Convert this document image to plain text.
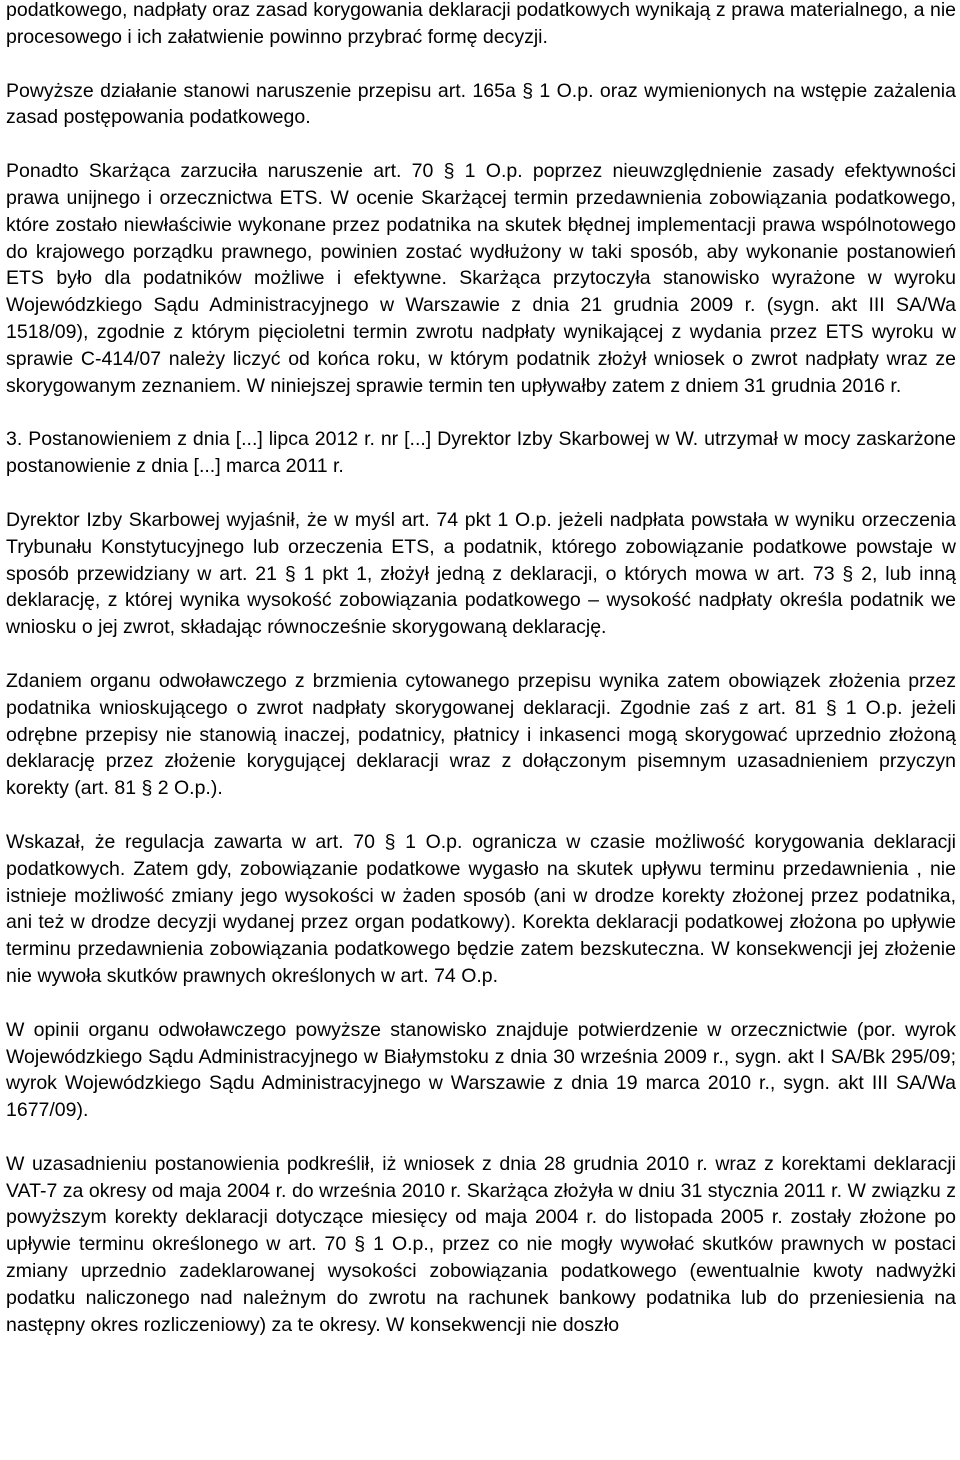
podatkowego, nadpłaty oraz zasad korygowania deklaracji podatkowych wynikają z prawa materialnego, a nie procesowego i ich załatwienie powinno przybrać formę decyzji.

Powyższe działanie stanowi naruszenie przepisu art. 165a § 1 O.p. oraz wymienionych na wstępie zażalenia zasad postępowania podatkowego.

Ponadto Skarżąca zarzuciła naruszenie art. 70 § 1 O.p. poprzez nieuwzględnienie zasady efektywności prawa unijnego i orzecznictwa ETS. W ocenie Skarżącej termin przedawnienia zobowiązania podatkowego, które zostało niewłaściwie wykonane przez podatnika na skutek błędnej implementacji prawa wspólnotowego do krajowego porządku prawnego, powinien zostać wydłużony w taki sposób, aby wykonanie postanowień ETS było dla podatników możliwe i efektywne. Skarżąca przytoczyła stanowisko wyrażone w wyroku Wojewódzkiego Sądu Administracyjnego w Warszawie z dnia 21 grudnia 2009 r. (sygn. akt III SA/Wa 1518/09), zgodnie z którym pięcioletni termin zwrotu nadpłaty wynikającej z wydania przez ETS wyroku w sprawie C-414/07 należy liczyć od końca roku, w którym podatnik złożył wniosek o zwrot nadpłaty wraz ze skorygowanym zeznaniem. W niniejszej sprawie termin ten upływałby zatem z dniem 31 grudnia 2016 r.

3. Postanowieniem z dnia [...] lipca 2012 r. nr [...] Dyrektor Izby Skarbowej w W. utrzymał w mocy zaskarżone postanowienie z dnia [...] marca 2011 r.

Dyrektor Izby Skarbowej wyjaśnił, że w myśl art. 74 pkt 1 O.p. jeżeli nadpłata powstała w wyniku orzeczenia Trybunału Konstytucyjnego lub orzeczenia ETS, a podatnik, którego zobowiązanie podatkowe powstaje w sposób przewidziany w art. 21 § 1 pkt 1, złożył jedną z deklaracji, o których mowa w art. 73 § 2, lub inną deklarację, z której wynika wysokość zobowiązania podatkowego – wysokość nadpłaty określa podatnik we wniosku o jej zwrot, składając równocześnie skorygowaną deklarację.

Zdaniem organu odwoławczego z brzmienia cytowanego przepisu wynika zatem obowiązek złożenia przez podatnika wnioskującego o zwrot nadpłaty skorygowanej deklaracji. Zgodnie zaś z art. 81 § 1 O.p. jeżeli odrębne przepisy nie stanowią inaczej, podatnicy, płatnicy i inkasenci mogą skorygować uprzednio złożoną deklarację przez złożenie korygującej deklaracji wraz z dołączonym pisemnym uzasadnieniem przyczyn korekty (art. 81 § 2 O.p.).

Wskazał, że regulacja zawarta w art. 70 § 1 O.p. ogranicza w czasie możliwość korygowania deklaracji podatkowych. Zatem gdy, zobowiązanie podatkowe wygasło na skutek upływu terminu przedawnienia , nie istnieje możliwość zmiany jego wysokości w żaden sposób (ani w drodze korekty złożonej przez podatnika, ani też w drodze decyzji wydanej przez organ podatkowy). Korekta deklaracji podatkowej złożona po upływie terminu przedawnienia zobowiązania podatkowego będzie zatem bezskuteczna. W konsekwencji jej złożenie nie wywoła skutków prawnych określonych w art. 74 O.p.

W opinii organu odwoławczego powyższe stanowisko znajduje potwierdzenie w orzecznictwie (por. wyrok Wojewódzkiego Sądu Administracyjnego w Białymstoku z dnia 30 września 2009 r., sygn. akt I SA/Bk 295/09; wyrok Wojewódzkiego Sądu Administracyjnego w Warszawie z dnia 19 marca 2010 r., sygn. akt III SA/Wa 1677/09).

W uzasadnieniu postanowienia podkreślił, iż wniosek z dnia 28 grudnia 2010 r. wraz z korektami deklaracji VAT-7 za okresy od maja 2004 r. do września 2010 r. Skarżąca złożyła w dniu 31 stycznia 2011 r. W związku z powyższym korekty deklaracji dotyczące miesięcy od maja 2004 r. do listopada 2005 r. zostały złożone po upływie terminu określonego w art. 70 § 1 O.p., przez co nie mogły wywołać skutków prawnych w postaci zmiany uprzednio zadeklarowanej wysokości zobowiązania podatkowego (ewentualnie kwoty nadwyżki podatku naliczonego nad należnym do zwrotu na rachunek bankowy podatnika lub do przeniesienia na następny okres rozliczeniowy) za te okresy. W konsekwencji nie doszło
